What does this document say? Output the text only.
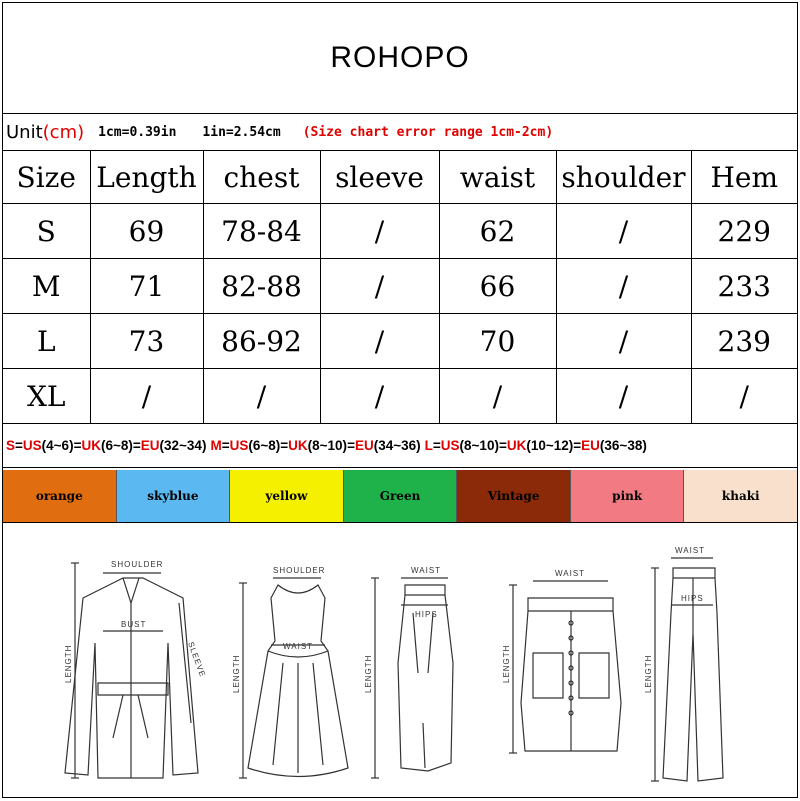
ROHOPO
Unit(cm) 1cm=0.39in 1in=2.54cm (Size chart error range 1cm-2cm)
Size	Length	chest	sleeve	waist	shoulder	Hem
S	69	78-84	/	62	/	229
M	71	82-88	/	66	/	233
L	73	86-92	/	70	/	239
XL	/	/	/	/	/	/
S=US(4~6)=UK(6~8)=EU(32~34) M=US(6~8)=UK(8~10)=EU(34~36) L=US(8~10)=UK(10~12)=EU(36~38)
orange	skyblue	yellow	Green	Vintage	pink	khaki
SHOULDER
BUST
SLEEVE
LENGTH
SHOULDER
WAIST
LENGTH
WAIST
HIPS
LENGTH
WAIST
LENGTH
WAIST
HIPS
LENGTH
